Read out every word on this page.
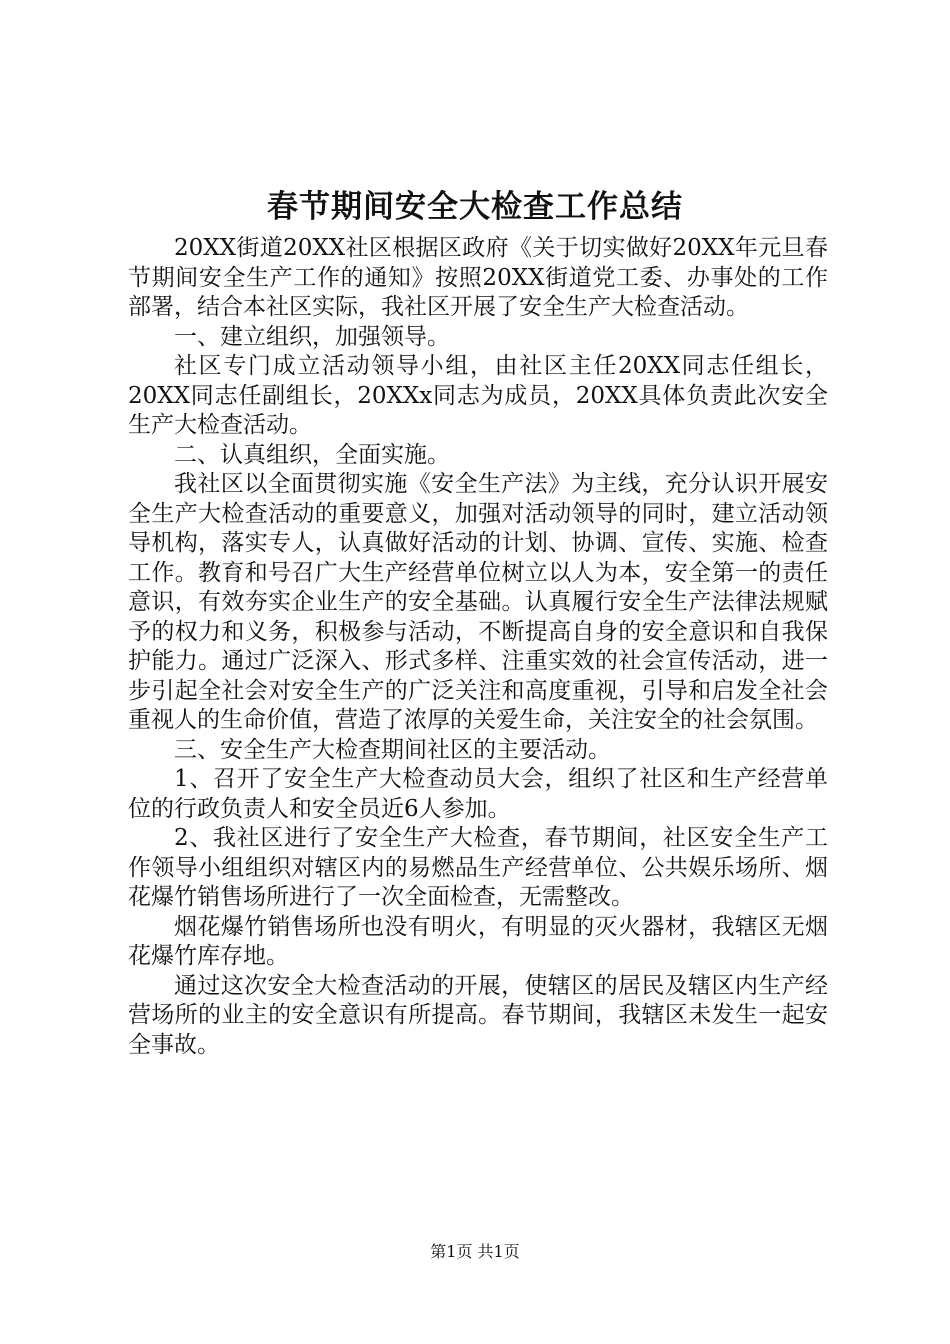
春节期间安全大检查工作总结

20XX街道20XX社区根据区政府《关于切实做好20XX年元旦春节期间安全生产工作的通知》按照20XX街道党工委、办事处的工作部署，结合本社区实际，我社区开展了安全生产大检查活动。

一、建立组织，加强领导。

社区专门成立活动领导小组，由社区主任20XX同志任组长，20XX同志任副组长，20XXx同志为成员，20XX具体负责此次安全生产大检查活动。

二、认真组织，全面实施。

我社区以全面贯彻实施《安全生产法》为主线，充分认识开展安全生产大检查活动的重要意义，加强对活动领导的同时，建立活动领导机构，落实专人，认真做好活动的计划、协调、宣传、实施、检查工作。教育和号召广大生产经营单位树立以人为本，安全第一的责任意识，有效夯实企业生产的安全基础。认真履行安全生产法律法规赋予的权力和义务，积极参与活动，不断提高自身的安全意识和自我保护能力。通过广泛深入、形式多样、注重实效的社会宣传活动，进一步引起全社会对安全生产的广泛关注和高度重视，引导和启发全社会重视人的生命价值，营造了浓厚的关爱生命，关注安全的社会氛围。

三、安全生产大检查期间社区的主要活动。

1、召开了安全生产大检查动员大会，组织了社区和生产经营单位的行政负责人和安全员近6人参加。

2、我社区进行了安全生产大检查，春节期间，社区安全生产工作领导小组组织对辖区内的易燃品生产经营单位、公共娱乐场所、烟花爆竹销售场所进行了一次全面检查，无需整改。

烟花爆竹销售场所也没有明火，有明显的灭火器材，我辖区无烟花爆竹库存地。

通过这次安全大检查活动的开展，使辖区的居民及辖区内生产经营场所的业主的安全意识有所提高。春节期间，我辖区未发生一起安全事故。

第1页 共1页
